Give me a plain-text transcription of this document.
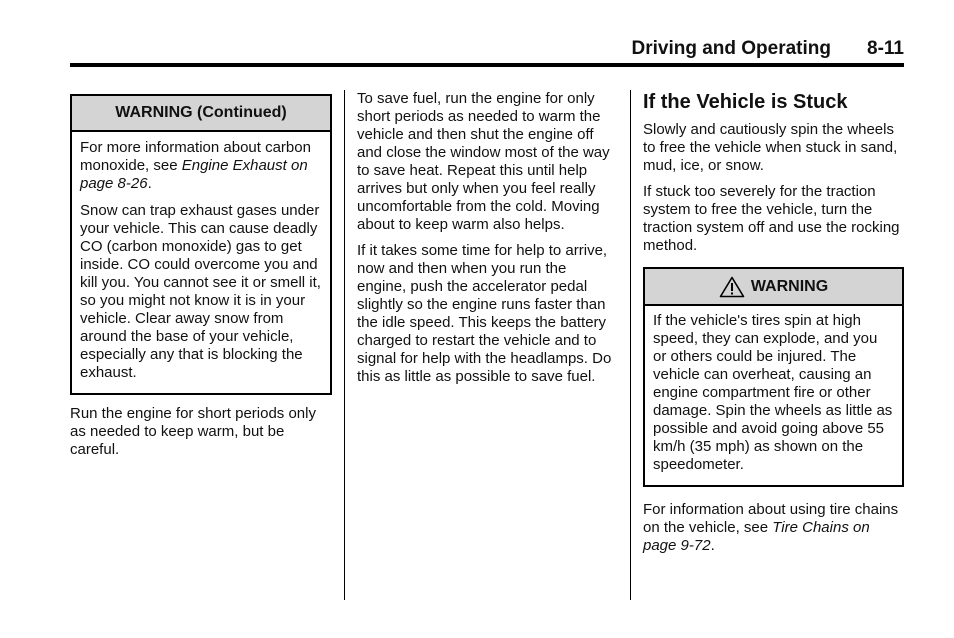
Driving and Operating 8-11
WARNING (Continued)

For more information about carbon monoxide, see Engine Exhaust on page 8-26.

Snow can trap exhaust gases under your vehicle. This can cause deadly CO (carbon monoxide) gas to get inside. CO could overcome you and kill you. You cannot see it or smell it, so you might not know it is in your vehicle. Clear away snow from around the base of your vehicle, especially any that is blocking the exhaust.

Run the engine for short periods only as needed to keep warm, but be careful.

To save fuel, run the engine for only short periods as needed to warm the vehicle and then shut the engine off and close the window most of the way to save heat. Repeat this until help arrives but only when you feel really uncomfortable from the cold. Moving about to keep warm also helps.

If it takes some time for help to arrive, now and then when you run the engine, push the accelerator pedal slightly so the engine runs faster than the idle speed. This keeps the battery charged to restart the vehicle and to signal for help with the headlamps. Do this as little as possible to save fuel.

If the Vehicle is Stuck

Slowly and cautiously spin the wheels to free the vehicle when stuck in sand, mud, ice, or snow.

If stuck too severely for the traction system to free the vehicle, turn the traction system off and use the rocking method.

WARNING

If the vehicle's tires spin at high speed, they can explode, and you or others could be injured. The vehicle can overheat, causing an engine compartment fire or other damage. Spin the wheels as little as possible and avoid going above 55 km/h (35 mph) as shown on the speedometer.

For information about using tire chains on the vehicle, see Tire Chains on page 9-72.
